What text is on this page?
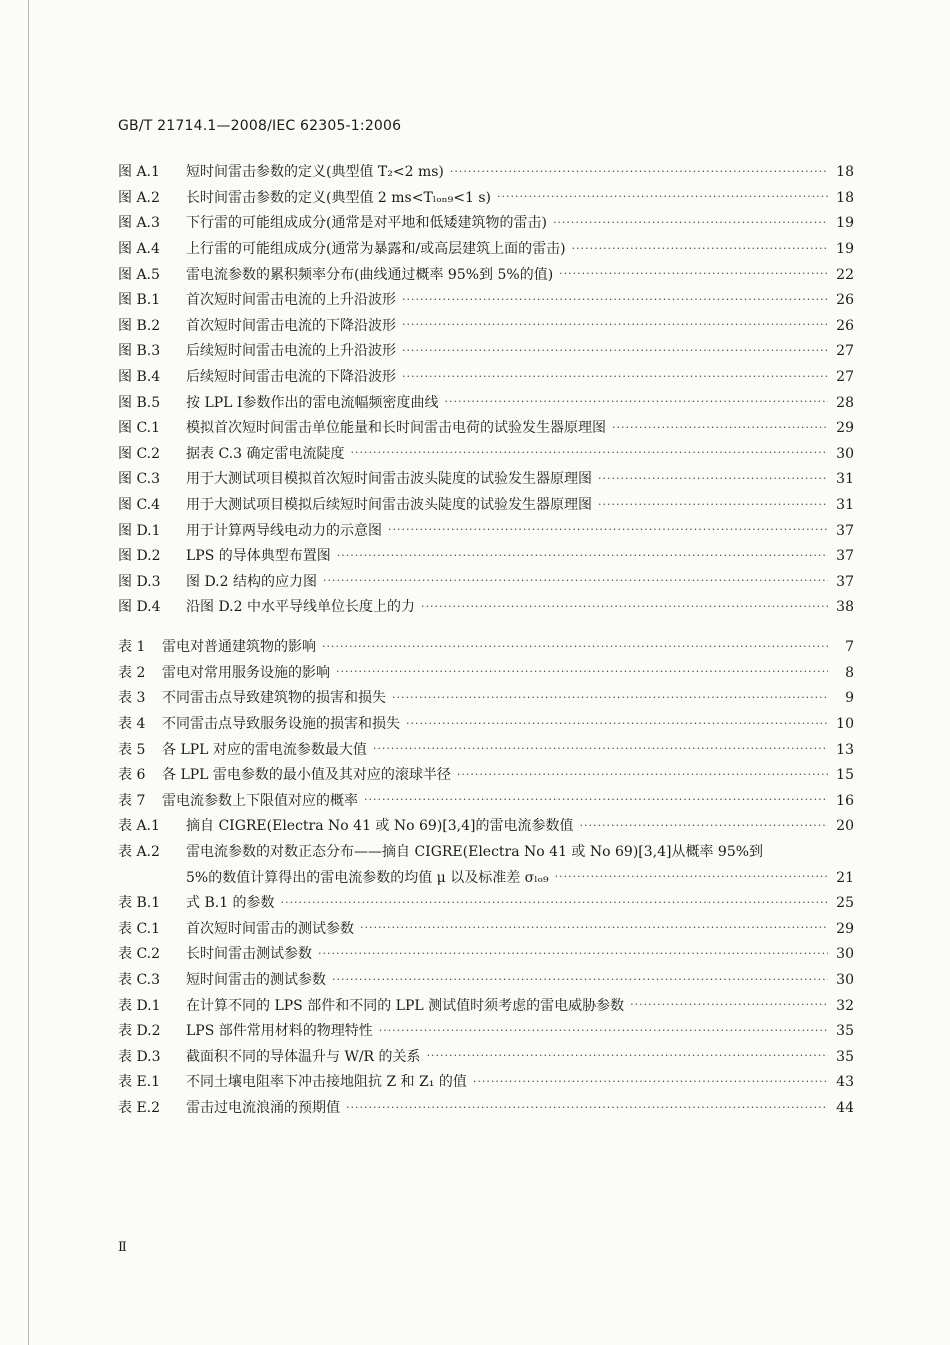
GB/T 21714.1—2008/IEC 62305-1:2006
图 A.1	短时间雷击参数的定义(典型值 T₂<2 ms) ·····	18
图 A.2	长时间雷击参数的定义(典型值 2 ms<Tₗₒₙ₉<1 s) ·····	18
图 A.3	下行雷的可能组成成分(通常是对平地和低矮建筑物的雷击) ·····	19
图 A.4	上行雷的可能组成成分(通常为暴露和/或高层建筑上面的雷击) ·····	19
图 A.5	雷电流参数的累积频率分布(曲线通过概率 95%到 5%的值) ·····	22
图 B.1	首次短时间雷击电流的上升沿波形 ·····	26
图 B.2	首次短时间雷击电流的下降沿波形 ·····	26
图 B.3	后续短时间雷击电流的上升沿波形 ·····	27
图 B.4	后续短时间雷击电流的下降沿波形 ·····	27
图 B.5	按 LPL Ⅰ参数作出的雷电流幅频密度曲线 ·····	28
图 C.1	模拟首次短时间雷击单位能量和长时间雷击电荷的试验发生器原理图 ·····	29
图 C.2	据表 C.3 确定雷电流陡度 ·····	30
图 C.3	用于大测试项目模拟首次短时间雷击波头陡度的试验发生器原理图 ·····	31
图 C.4	用于大测试项目模拟后续短时间雷击波头陡度的试验发生器原理图 ·····	31
图 D.1	用于计算两导线电动力的示意图 ·····	37
图 D.2	LPS 的导体典型布置图 ·····	37
图 D.3	图 D.2 结构的应力图 ·····	37
图 D.4	沿图 D.2 中水平导线单位长度上的力 ·····	38
表 1	雷电对普通建筑物的影响 ·····	7
表 2	雷电对常用服务设施的影响 ·····	8
表 3	不同雷击点导致建筑物的损害和损失 ·····	9
表 4	不同雷击点导致服务设施的损害和损失 ·····	10
表 5	各 LPL 对应的雷电流参数最大值 ·····	13
表 6	各 LPL 雷电参数的最小值及其对应的滚球半径 ·····	15
表 7	雷电流参数上下限值对应的概率 ·····	16
表 A.1	摘自 CIGRE(Electra No 41 或 No 69)[3,4]的雷电流参数值 ·····	20
表 A.2	雷电流参数的对数正态分布——摘自 CIGRE(Electra No 41 或 No 69)[3,4]从概率 95%到
5%的数值计算得出的雷电流参数的均值 μ 以及标准差 σₗₒ₉ ·····	21
表 B.1	式 B.1 的参数 ·····	25
表 C.1	首次短时间雷击的测试参数 ·····	29
表 C.2	长时间雷击测试参数 ·····	30
表 C.3	短时间雷击的测试参数 ·····	30
表 D.1	在计算不同的 LPS 部件和不同的 LPL 测试值时须考虑的雷电威胁参数 ·····	32
表 D.2	LPS 部件常用材料的物理特性 ·····	35
表 D.3	截面积不同的导体温升与 W/R 的关系 ·····	35
表 E.1	不同土壤电阻率下冲击接地阻抗 Z 和 Z₁ 的值 ·····	43
表 E.2	雷击过电流浪涌的预期值 ·····	44
Ⅱ
